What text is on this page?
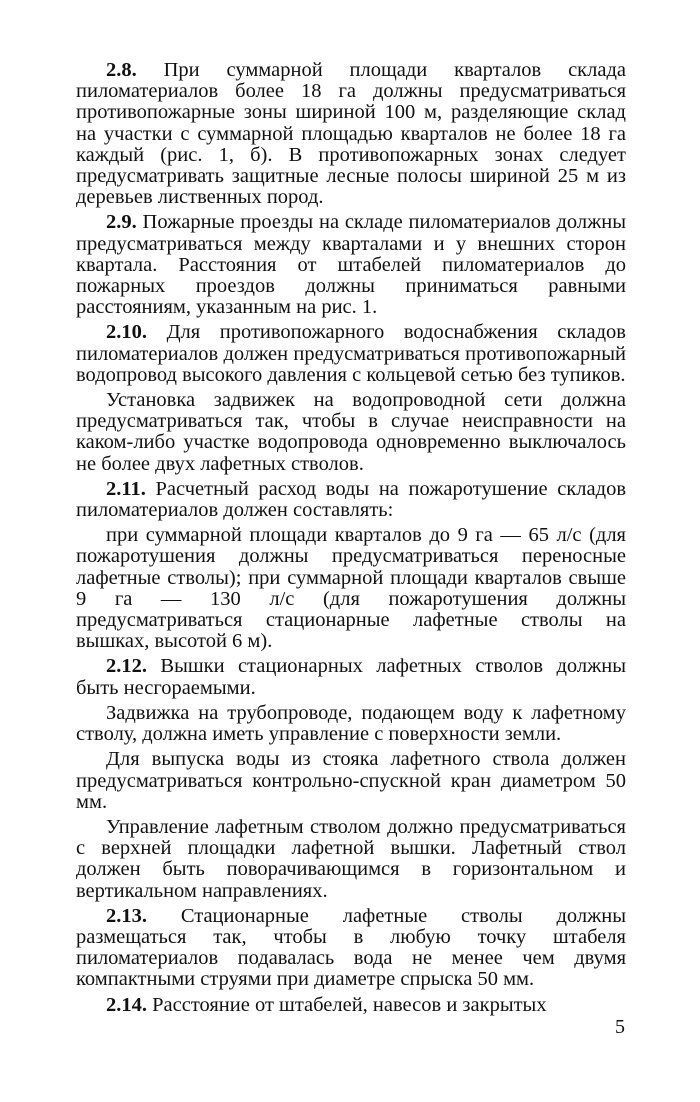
2.8. При суммарной площади кварталов склада пиломатериалов более 18 га должны предусматриваться противопожарные зоны шириной 100 м, разделяющие склад на участки с суммарной площадью кварталов не более 18 га каждый (рис. 1, б). В противопожарных зонах следует предусматривать защитные лесные полосы шириной 25 м из деревьев лиственных пород.

2.9. Пожарные проезды на складе пиломатериалов должны предусматриваться между кварталами и у внешних сторон квартала. Расстояния от штабелей пиломатериалов до пожарных проездов должны приниматься равными расстояниям, указанным на рис. 1.

2.10. Для противопожарного водоснабжения складов пиломатериалов должен предусматриваться противопожарный водопровод высокого давления с кольцевой сетью без тупиков.

Установка задвижек на водопроводной сети должна предусматриваться так, чтобы в случае неисправности на каком-либо участке водопровода одновременно выключалось не более двух лафетных стволов.

2.11. Расчетный расход воды на пожаротушение складов пиломатериалов должен составлять:

при суммарной площади кварталов до 9 га — 65 л/с (для пожаротушения должны предусматриваться переносные лафетные стволы); при суммарной площади кварталов свыше 9 га — 130 л/с (для пожаротушения должны предусматриваться стационарные лафетные стволы на вышках, высотой 6 м).

2.12. Вышки стационарных лафетных стволов должны быть несгораемыми.

Задвижка на трубопроводе, подающем воду к лафетному стволу, должна иметь управление с поверхности земли.

Для выпуска воды из стояка лафетного ствола должен предусматриваться контрольно-спускной кран диаметром 50 мм.

Управление лафетным стволом должно предусматриваться с верхней площадки лафетной вышки. Лафетный ствол должен быть поворачивающимся в горизонтальном и вертикальном направлениях.

2.13. Стационарные лафетные стволы должны размещаться так, чтобы в любую точку штабеля пиломатериалов подавалась вода не менее чем двумя компактными струями при диаметре спрыска 50 мм.

2.14. Расстояние от штабелей, навесов и закрытых

5
